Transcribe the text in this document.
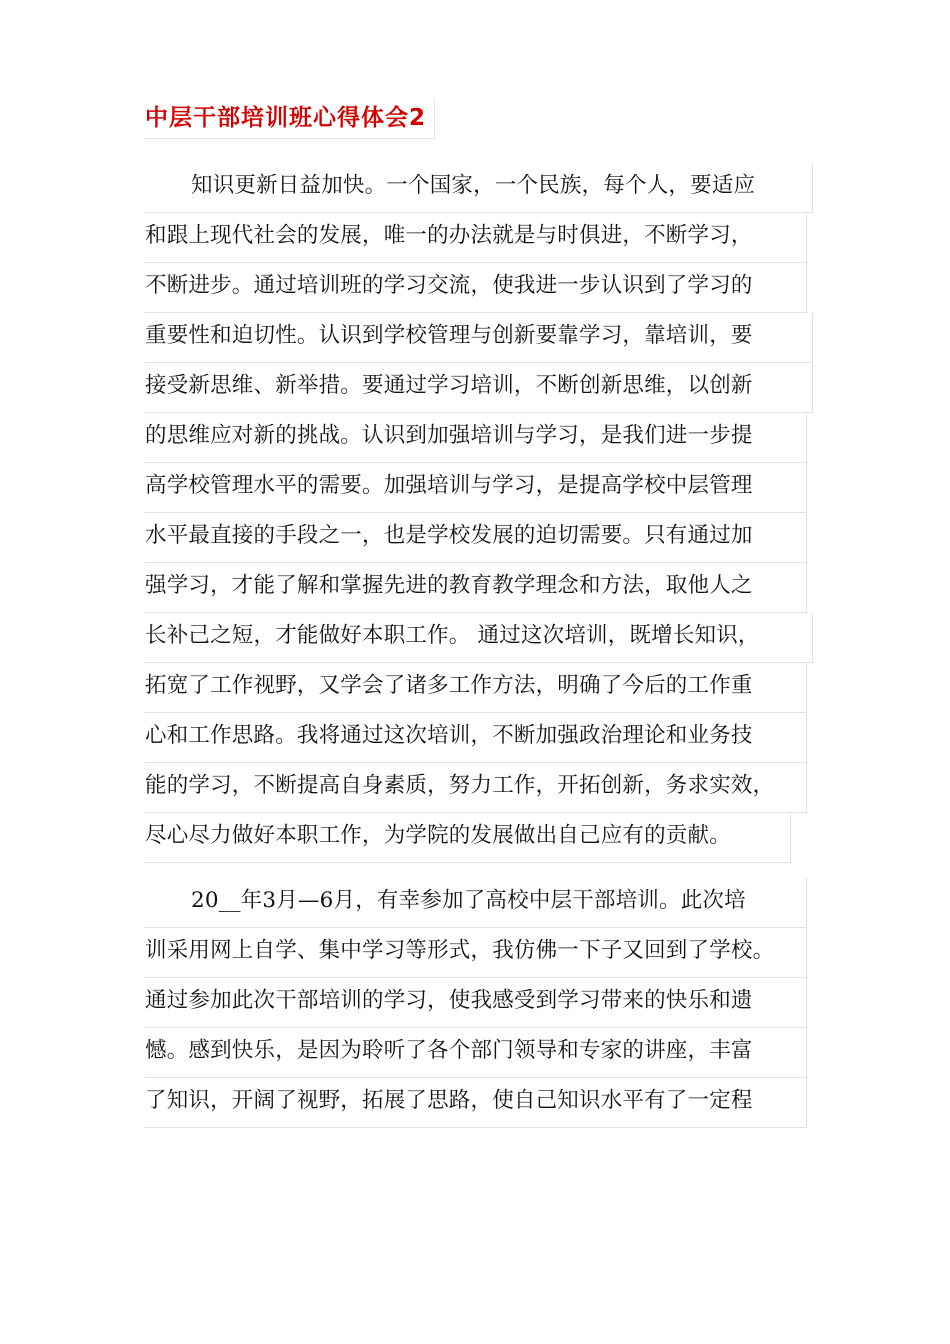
中层干部培训班心得体会2
知识更新日益加快。一个国家，一个民族，每个人，要适应
和跟上现代社会的发展，唯一的办法就是与时俱进，不断学习，
不断进步。通过培训班的学习交流，使我进一步认识到了学习的
重要性和迫切性。认识到学校管理与创新要靠学习，靠培训，要
接受新思维、新举措。要通过学习培训，不断创新思维，以创新
的思维应对新的挑战。认识到加强培训与学习，是我们进一步提
高学校管理水平的需要。加强培训与学习，是提高学校中层管理
水平最直接的手段之一，也是学校发展的迫切需要。只有通过加
强学习，才能了解和掌握先进的教育教学理念和方法，取他人之
长补己之短，才能做好本职工作。 通过这次培训，既增长知识，
拓宽了工作视野，又学会了诸多工作方法，明确了今后的工作重
心和工作思路。我将通过这次培训，不断加强政治理论和业务技
能的学习，不断提高自身素质，努力工作，开拓创新，务求实效，
尽心尽力做好本职工作，为学院的发展做出自己应有的贡献。
20__年3月—6月，有幸参加了高校中层干部培训。此次培
训采用网上自学、集中学习等形式，我仿佛一下子又回到了学校。
通过参加此次干部培训的学习，使我感受到学习带来的快乐和遗
憾。感到快乐，是因为聆听了各个部门领导和专家的讲座，丰富
了知识，开阔了视野，拓展了思路，使自己知识水平有了一定程
